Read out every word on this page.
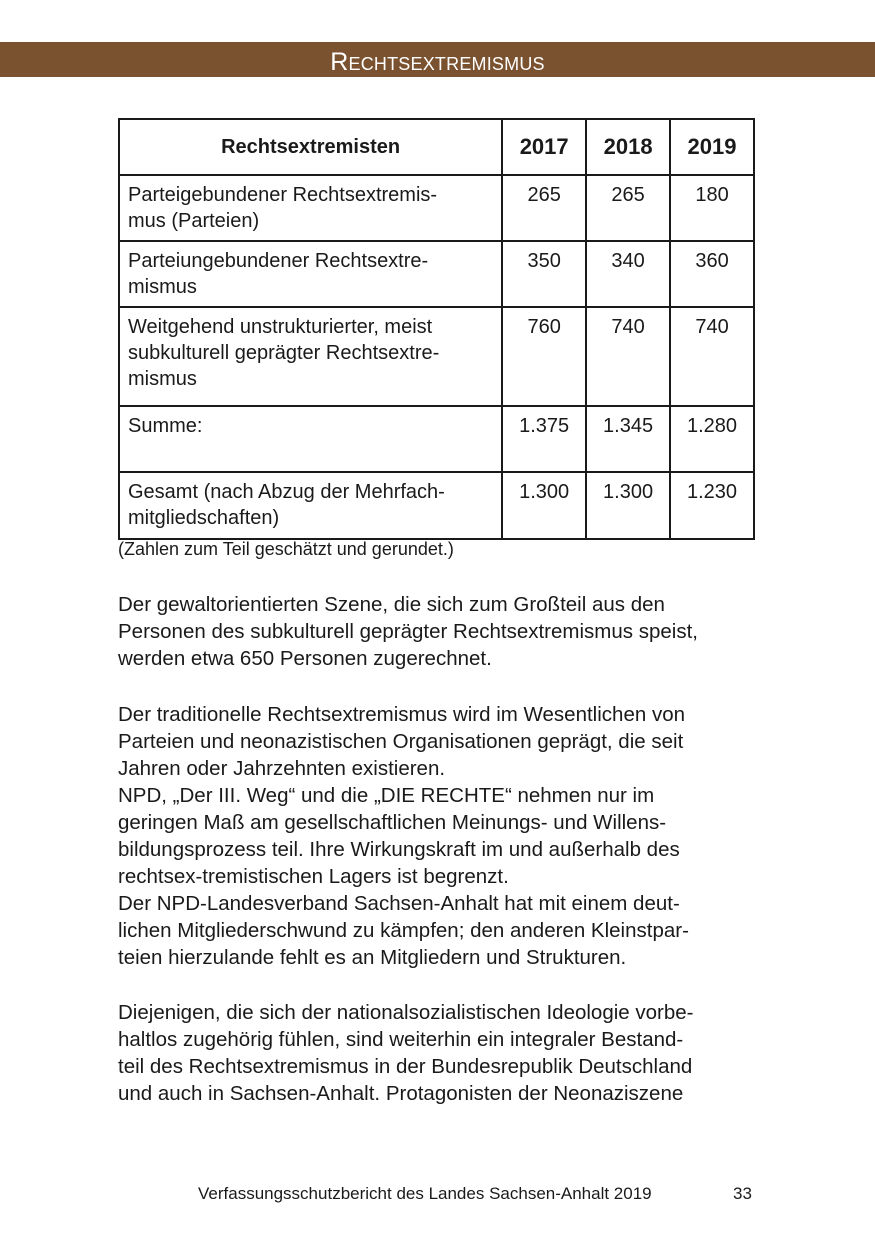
Rechtsextremismus
Rechtsextremisten	2017	2018	2019
Parteigebundener Rechtsextremis-
mus (Parteien)	265	265	180
Parteiungebundener Rechtsextre-
mismus	350	340	360
Weitgehend unstrukturierter, meist
subkulturell geprägter Rechtsextre-
mismus	760	740	740
Summe:	1.375	1.345	1.280
Gesamt (nach Abzug der Mehrfach-
mitgliedschaften)	1.300	1.300	1.230
(Zahlen zum Teil geschätzt und gerundet.)
Der gewaltorientierten Szene, die sich zum Großteil aus den
Personen des subkulturell geprägter Rechtsextremismus speist,
werden etwa 650 Personen zugerechnet.
Der traditionelle Rechtsextremismus wird im Wesentlichen von
Parteien und neonazistischen Organisationen geprägt, die seit
Jahren oder Jahrzehnten existieren.
NPD, „Der III. Weg“ und die „DIE RECHTE“ nehmen nur im
geringen Maß am gesellschaftlichen Meinungs- und Willens-
bildungsprozess teil. Ihre Wirkungskraft im und außerhalb des
rechtsex-tremistischen Lagers ist begrenzt.
Der NPD-Landesverband Sachsen-Anhalt hat mit einem deut-
lichen Mitgliederschwund zu kämpfen; den anderen Kleinstpar-
teien hierzulande fehlt es an Mitgliedern und Strukturen.
Diejenigen, die sich der nationalsozialistischen Ideologie vorbe-
haltlos zugehörig fühlen, sind weiterhin ein integraler Bestand-
teil des Rechtsextremismus in der Bundesrepublik Deutschland
und auch in Sachsen-Anhalt. Protagonisten der Neonaziszene
Verfassungsschutzbericht des Landes Sachsen-Anhalt 2019	33
